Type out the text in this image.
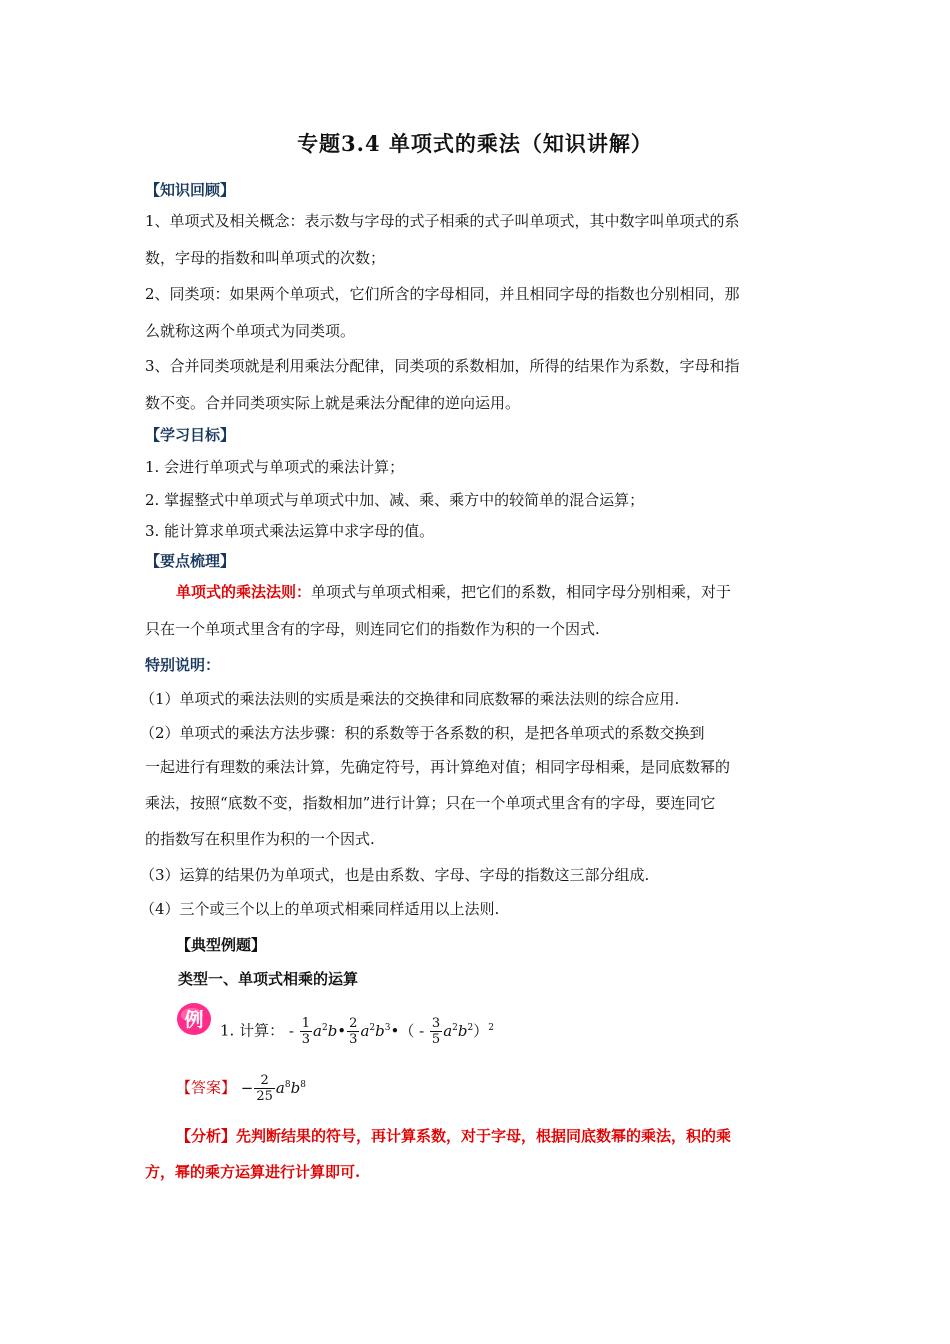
专题3.4 单项式的乘法（知识讲解）
【知识回顾】
1、单项式及相关概念：表示数与字母的式子相乘的式子叫单项式，其中数字叫单项式的系
数，字母的指数和叫单项式的次数；
2、同类项：如果两个单项式，它们所含的字母相同，并且相同字母的指数也分别相同，那
么就称这两个单项式为同类项。
3、合并同类项就是利用乘法分配律，同类项的系数相加，所得的结果作为系数，字母和指
数不变。合并同类项实际上就是乘法分配律的逆向运用。
【学习目标】
1. 会进行单项式与单项式的乘法计算；
2. 掌握整式中单项式与单项式中加、减、乘、乘方中的较简单的混合运算；
3. 能计算求单项式乘法运算中求字母的值。
【要点梳理】
单项式的乘法法则：单项式与单项式相乘，把它们的系数，相同字母分别相乘，对于
只在一个单项式里含有的字母，则连同它们的指数作为积的一个因式.
特别说明：
（1）单项式的乘法法则的实质是乘法的交换律和同底数幂的乘法法则的综合应用.
（2）单项式的乘法方法步骤：积的系数等于各系数的积，是把各单项式的系数交换到
一起进行有理数的乘法计算，先确定符号，再计算绝对值；相同字母相乘，是同底数幂的
乘法，按照“底数不变，指数相加”进行计算；只在一个单项式里含有的字母，要连同它
的指数写在积里作为积的一个因式.
（3）运算的结果仍为单项式，也是由系数、字母、字母的指数这三部分组成.
（4）三个或三个以上的单项式相乘同样适用以上法则.
【典型例题】
类型一、单项式相乘的运算
例 1. 计算： - $\frac{1}{3}$ $a^2b• \frac{2}{3}$ $a^2b^3•( - \frac{3}{5} a^2b^2)^2$
【答案】 − $\frac{2}{25} a^8b^8$
【分析】先判断结果的符号，再计算系数，对于字母，根据同底数幂的乘法，积的乘
方，幂的乘方运算进行计算即可.
